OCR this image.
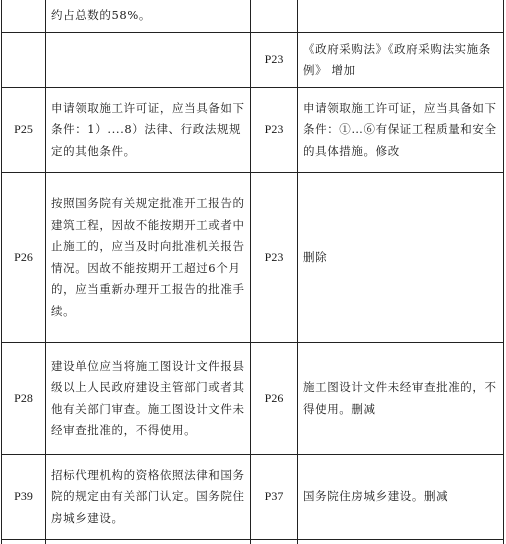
约占总数的58%。
P23
《政府采购法》《政府采购法实施条例》 增加
P25
申请领取施工许可证，应当具备如下条件：1）....8）法律、行政法规规定的其他条件。
P23
申请领取施工许可证，应当具备如下条件：①…⑥有保证工程质量和安全的具体措施。修改
P26
按照国务院有关规定批准开工报告的建筑工程，因故不能按期开工或者中止施工的，应当及时向批准机关报告情况。因故不能按期开工超过6个月的，应当重新办理开工报告的批准手续。
P23	删除
P28
建设单位应当将施工图设计文件报县级以上人民政府建设主管部门或者其他有关部门审查。施工图设计文件未经审查批准的，不得使用。
P26
施工图设计文件未经审查批准的，不得使用。删减
P39
招标代理机构的资格依照法律和国务院的规定由有关部门认定。国务院住房城乡建设。
P37	国务院住房城乡建设。删减
